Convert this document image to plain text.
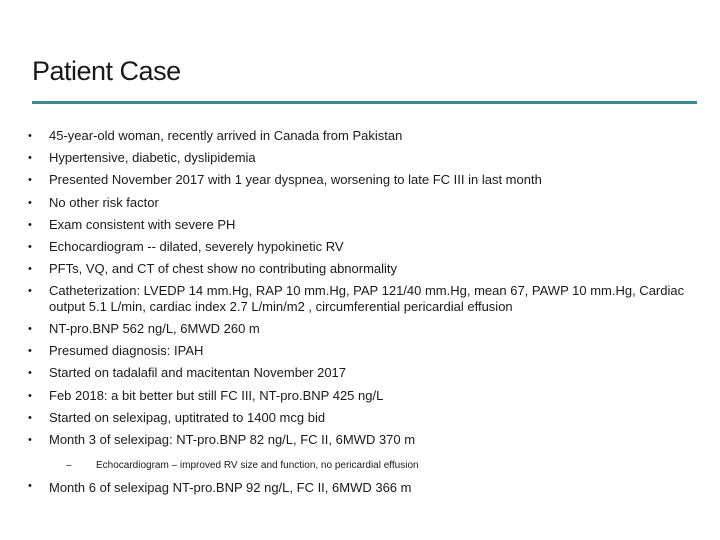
Patient Case
•	45-year-old woman, recently arrived in Canada from Pakistan
•	Hypertensive, diabetic, dyslipidemia
•	Presented November 2017 with 1 year dyspnea, worsening to late FC III in last month
•	No other risk factor
•	Exam consistent with severe PH
•	Echocardiogram -- dilated, severely hypokinetic RV
•	PFTs, VQ, and CT of chest show no contributing abnormality
•	Catheterization: LVEDP 14 mm.Hg, RAP 10 mm.Hg, PAP 121/40 mm.Hg, mean 67, PAWP 10 mm.Hg, Cardiac output 5.1 L/min, cardiac index 2.7 L/min/m2 , circumferential pericardial effusion
•	NT-pro.BNP 562 ng/L, 6MWD 260 m
•	Presumed diagnosis: IPAH
•	Started on tadalafil and macitentan November 2017
•	Feb 2018: a bit better but still FC III, NT-pro.BNP 425 ng/L
•	Started on selexipag, uptitrated to 1400 mcg bid
•	Month 3 of selexipag: NT-pro.BNP 82 ng/L, FC II, 6MWD 370 m
– Echocardiogram – improved RV size and function, no pericardial effusion
• Month 6 of selexipag NT-pro.BNP 92 ng/L, FC II, 6MWD 366 m
